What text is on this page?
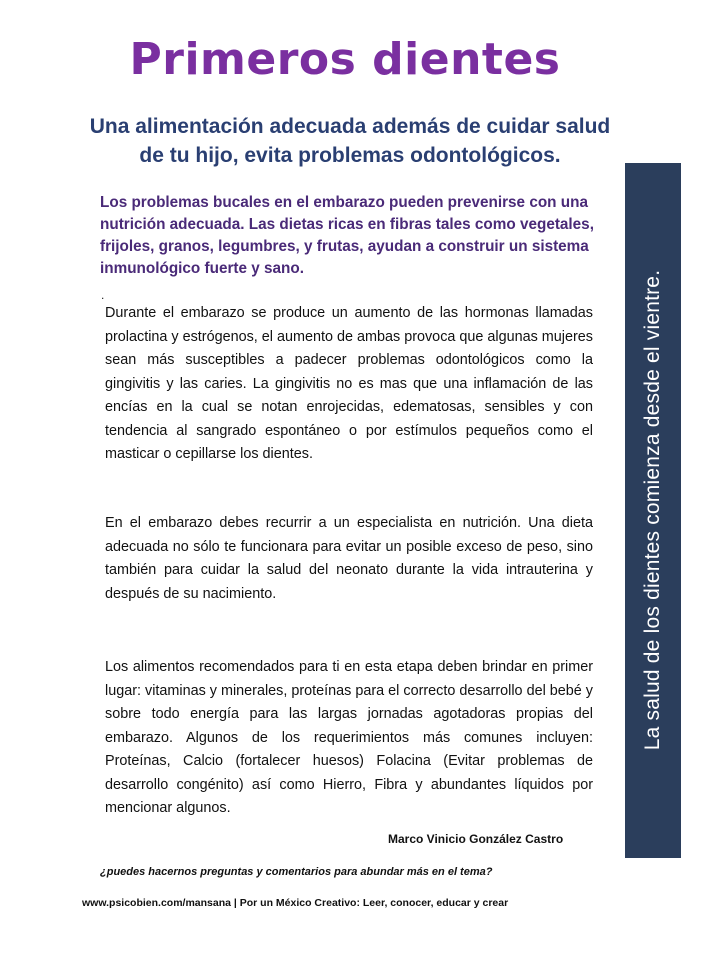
Primeros dientes
Una alimentación adecuada además de cuidar salud de tu hijo, evita problemas odontológicos.
Los problemas bucales en el embarazo pueden prevenirse con una nutrición adecuada. Las dietas ricas en fibras tales como vegetales, frijoles, granos, legumbres, y frutas, ayudan a construir un sistema inmunológico fuerte y sano.
.
Durante el embarazo se produce un aumento de las hormonas llamadas prolactina y estrógenos, el aumento de ambas provoca que algunas mujeres sean más susceptibles a padecer problemas odontológicos como la gingivitis y las caries. La gingivitis no es mas que una inflamación de las encías en la cual se notan enrojecidas, edematosas, sensibles y con tendencia al sangrado espontáneo o por estímulos pequeños como el masticar o cepillarse los dientes.
En el embarazo debes recurrir a un especialista en nutrición. Una dieta adecuada no sólo te funcionara para evitar un posible exceso de peso, sino también para cuidar la salud del neonato durante la vida intrauterina y después de su nacimiento.
Los alimentos recomendados para ti en esta etapa deben brindar en primer lugar: vitaminas y minerales, proteínas para el correcto desarrollo del bebé y sobre todo energía para las largas jornadas agotadoras propias del embarazo. Algunos de los requerimientos más comunes incluyen: Proteínas, Calcio (fortalecer huesos) Folacina (Evitar problemas de desarrollo congénito) así como Hierro, Fibra y abundantes líquidos por mencionar algunos.
Marco Vinicio González Castro
¿puedes hacernos preguntas y comentarios para abundar más en el tema?
www.psicobien.com/mansana | Por un México Creativo: Leer, conocer, educar y crear
La salud de los dientes comienza desde el vientre.
